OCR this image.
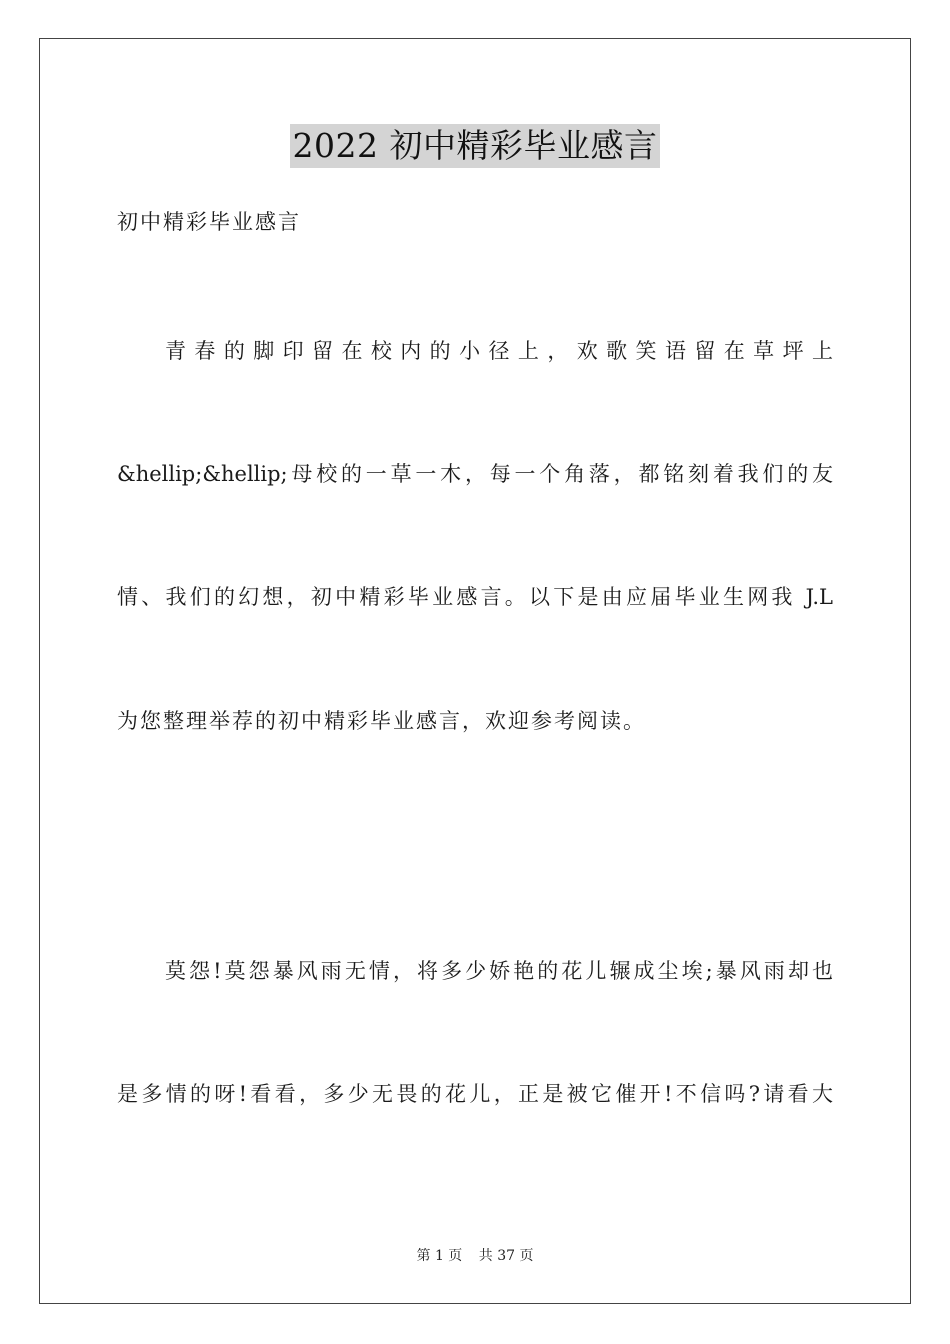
2022 初中精彩毕业感言
初中精彩毕业感言
青春的脚印留在校内的小径上，欢歌笑语留在草坪上
&hellip;&hellip;母校的一草一木，每一个角落，都铭刻着我们的友
情、我们的幻想，初中精彩毕业感言。以下是由应届毕业生网我 J.L
为您整理举荐的初中精彩毕业感言，欢迎参考阅读。
莫怨!莫怨暴风雨无情，将多少娇艳的花儿辗成尘埃;暴风雨却也
是多情的呀!看看，多少无畏的花儿，正是被它催开!不信吗?请看大
第 1 页 共 37 页
